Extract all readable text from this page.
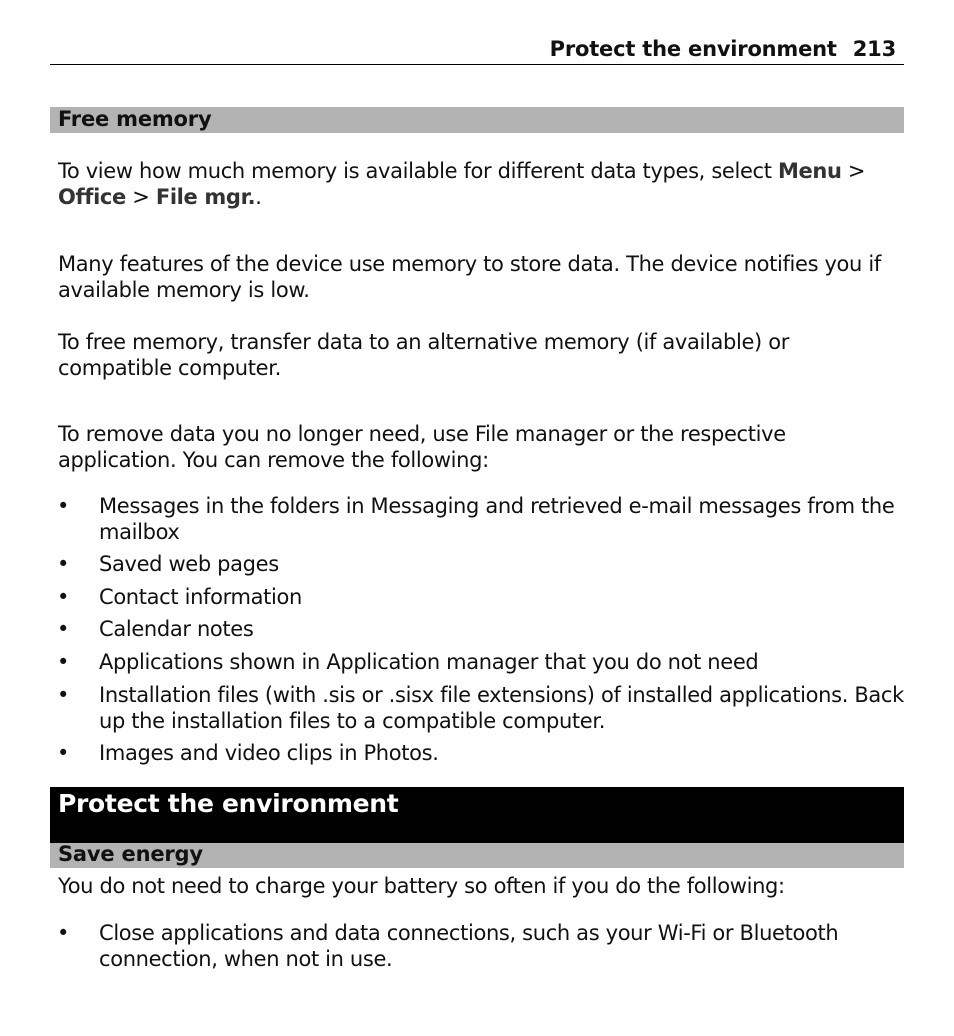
Protect the environment 213
Free memory

To view how much memory is available for different data types, select Menu > Office > File mgr..

Many features of the device use memory to store data. The device notifies you if available memory is low.

To free memory, transfer data to an alternative memory (if available) or compatible computer.

To remove data you no longer need, use File manager or the respective application. You can remove the following:

• Messages in the folders in Messaging and retrieved e-mail messages from the mailbox
• Saved web pages
• Contact information
• Calendar notes
• Applications shown in Application manager that you do not need
• Installation files (with .sis or .sisx file extensions) of installed applications. Back up the installation files to a compatible computer.
• Images and video clips in Photos.
Protect the environment
Save energy

You do not need to charge your battery so often if you do the following:

• Close applications and data connections, such as your Wi-Fi or Bluetooth connection, when not in use.
